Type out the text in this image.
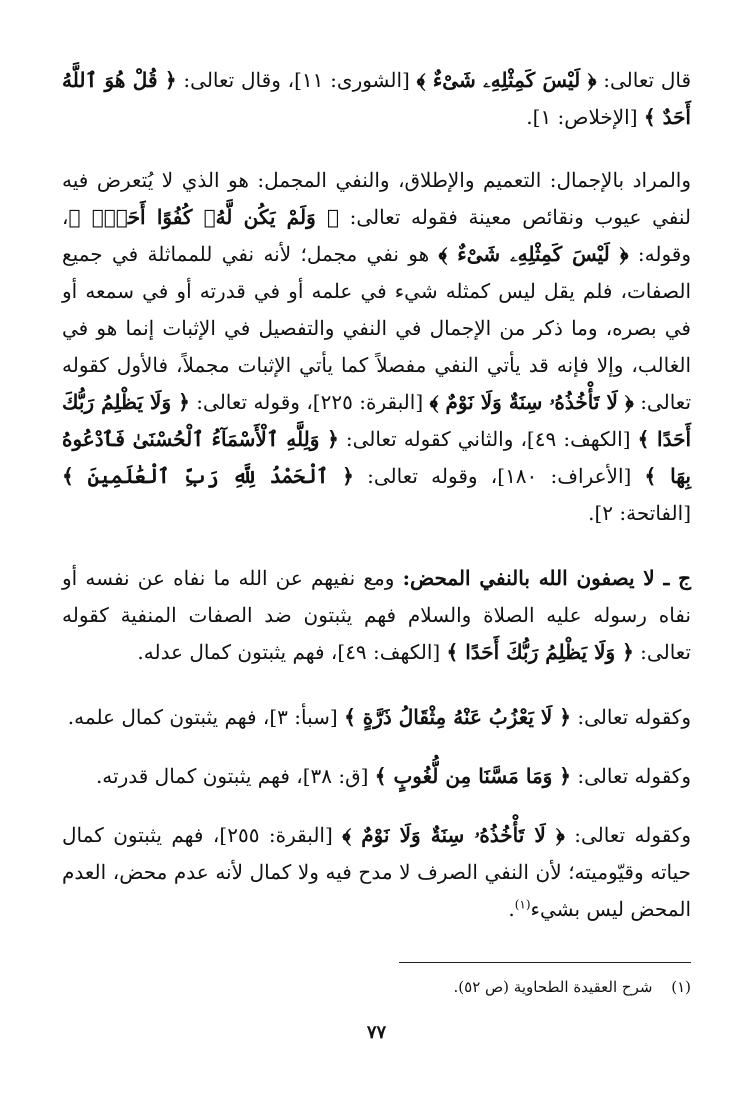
قال تعالى: ﴿ لَيْسَ كَمِثْلِهِۦ شَىْءٌ ﴾ [الشورى: ١١]، وقال تعالى: ﴿ قُلْ هُوَ ٱللَّهُ أَحَدٌ ﴾ [الإخلاص: ١].

والمراد بالإجمال: التعميم والإطلاق، والنفي المجمل: هو الذي لا يُتعرض فيه لنفي عيوب ونقائص معينة فقوله تعالى: ﴿ وَلَمْ يَكُن لَّهُۥ كُفُوًا أَحَدٌۢ ﴾، وقوله: ﴿ لَيْسَ كَمِثْلِهِۦ شَىْءٌ ﴾ هو نفي مجمل؛ لأنه نفي للمماثلة في جميع الصفات، فلم يقل ليس كمثله شيء في علمه أو في قدرته أو في سمعه أو في بصره، وما ذكر من الإجمال في النفي والتفصيل في الإثبات إنما هو في الغالب، وإلا فإنه قد يأتي النفي مفصلاً كما يأتي الإثبات مجملاً، فالأول كقوله تعالى: ﴿ لَا تَأْخُذُهُۥ سِنَةٌ وَلَا نَوْمٌ ﴾ [البقرة: ٢٢٥]، وقوله تعالى: ﴿ وَلَا يَظْلِمُ رَبُّكَ أَحَدًا ﴾ [الكهف: ٤٩]، والثاني كقوله تعالى: ﴿ وَلِلَّهِ ٱلْأَسْمَآءُ ٱلْحُسْنَىٰ فَٱدْعُوهُ بِهَا ﴾ [الأعراف: ١٨٠]، وقوله تعالى: ﴿ ٱلْحَمْدُ لِلَّهِ رَبِّ ٱلْعَٰلَمِينَ ﴾ [الفاتحة: ٢].

ج ـ لا يصفون الله بالنفي المحض: ومع نفيهم عن الله ما نفاه عن نفسه أو نفاه رسوله عليه الصلاة والسلام فهم يثبتون ضد الصفات المنفية كقوله تعالى: ﴿ وَلَا يَظْلِمُ رَبُّكَ أَحَدًا ﴾ [الكهف: ٤٩]، فهم يثبتون كمال عدله.

وكقوله تعالى: ﴿ لَا يَعْزُبُ عَنْهُ مِثْقَالُ ذَرَّةٍ ﴾ [سبأ: ٣]، فهم يثبتون كمال علمه.

وكقوله تعالى: ﴿ وَمَا مَسَّنَا مِن لُّغُوبٍ ﴾ [ق: ٣٨]، فهم يثبتون كمال قدرته.

وكقوله تعالى: ﴿ لَا تَأْخُذُهُۥ سِنَةٌ وَلَا نَوْمٌ ﴾ [البقرة: ٢٥٥]، فهم يثبتون كمال حياته وقيّوميته؛ لأن النفي الصرف لا مدح فيه ولا كمال لأنه عدم محض، العدم المحض ليس بشيء$^{(١)}$.

(١) شرح العقيدة الطحاوية (ص ٥٢).
٧٧
